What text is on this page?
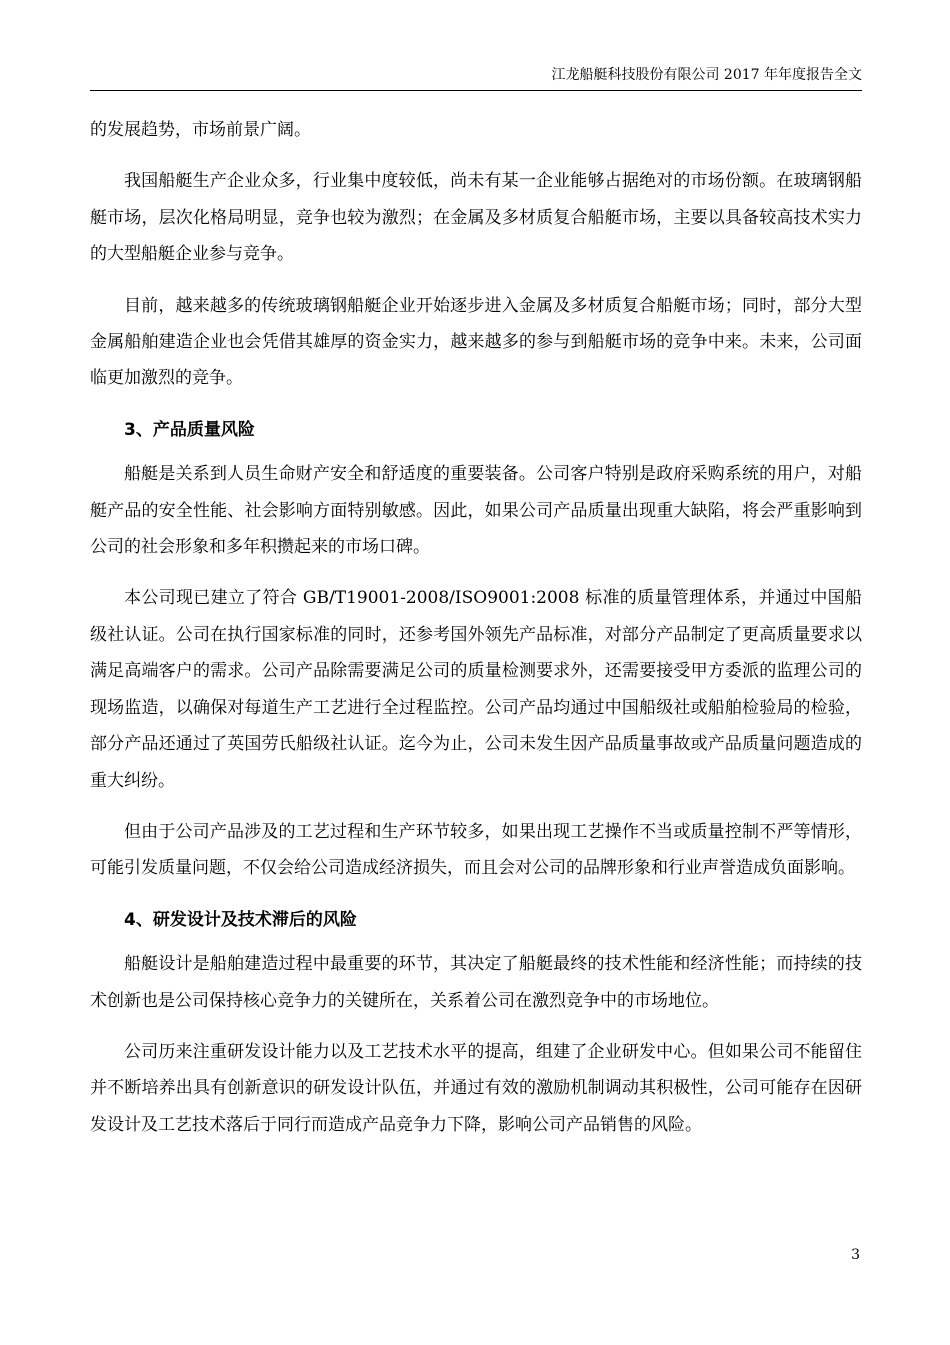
江龙船艇科技股份有限公司 2017 年年度报告全文

的发展趋势，市场前景广阔。

我国船艇生产企业众多，行业集中度较低，尚未有某一企业能够占据绝对的市场份额。在玻璃钢船艇市场，层次化格局明显，竞争也较为激烈；在金属及多材质复合船艇市场，主要以具备较高技术实力的大型船艇企业参与竞争。

目前，越来越多的传统玻璃钢船艇企业开始逐步进入金属及多材质复合船艇市场；同时，部分大型金属船舶建造企业也会凭借其雄厚的资金实力，越来越多的参与到船艇市场的竞争中来。未来，公司面临更加激烈的竞争。

3、产品质量风险

船艇是关系到人员生命财产安全和舒适度的重要装备。公司客户特别是政府采购系统的用户，对船艇产品的安全性能、社会影响方面特别敏感。因此，如果公司产品质量出现重大缺陷，将会严重影响到公司的社会形象和多年积攒起来的市场口碑。

本公司现已建立了符合 GB/T19001-2008/ISO9001:2008 标准的质量管理体系，并通过中国船级社认证。公司在执行国家标准的同时，还参考国外领先产品标准，对部分产品制定了更高质量要求以满足高端客户的需求。公司产品除需要满足公司的质量检测要求外，还需要接受甲方委派的监理公司的现场监造，以确保对每道生产工艺进行全过程监控。公司产品均通过中国船级社或船舶检验局的检验，部分产品还通过了英国劳氏船级社认证。迄今为止，公司未发生因产品质量事故或产品质量问题造成的重大纠纷。

但由于公司产品涉及的工艺过程和生产环节较多，如果出现工艺操作不当或质量控制不严等情形，可能引发质量问题，不仅会给公司造成经济损失，而且会对公司的品牌形象和行业声誉造成负面影响。

4、研发设计及技术滞后的风险

船艇设计是船舶建造过程中最重要的环节，其决定了船艇最终的技术性能和经济性能；而持续的技术创新也是公司保持核心竞争力的关键所在，关系着公司在激烈竞争中的市场地位。

公司历来注重研发设计能力以及工艺技术水平的提高，组建了企业研发中心。但如果公司不能留住并不断培养出具有创新意识的研发设计队伍，并通过有效的激励机制调动其积极性，公司可能存在因研发设计及工艺技术落后于同行而造成产品竞争力下降，影响公司产品销售的风险。

3
